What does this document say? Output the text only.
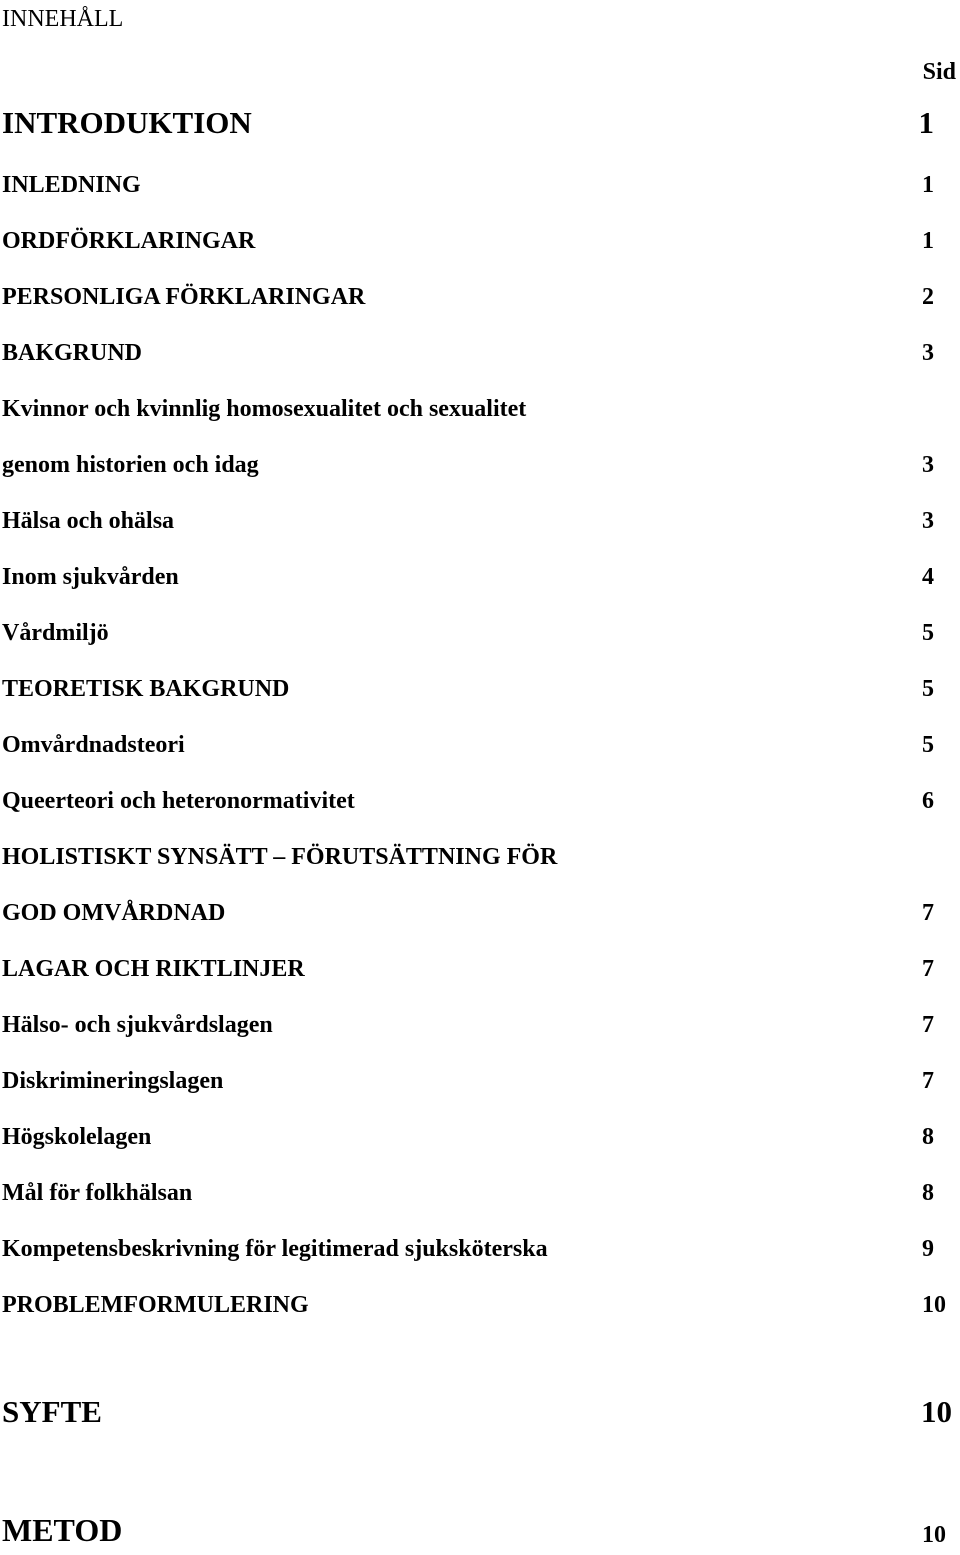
INNEHÅLL
Sid
INTRODUKTION	1
INLEDNING	1
ORDFÖRKLARINGAR	1
PERSONLIGA FÖRKLARINGAR	2
BAKGRUND	3
Kvinnor och kvinnlig homosexualitet och sexualitet
genom historien och idag	3
Hälsa och ohälsa	3
Inom sjukvården	4
Vårdmiljö	5
TEORETISK BAKGRUND	5
Omvårdnadsteori	5
Queerteori och heteronormativitet	6
HOLISTISKT SYNSÄTT – FÖRUTSÄTTNING FÖR
GOD OMVÅRDNAD	7
LAGAR OCH RIKTLINJER	7
Hälso- och sjukvårdslagen	7
Diskrimineringslagen	7
Högskolelagen	8
Mål för folkhälsan	8
Kompetensbeskrivning för legitimerad sjuksköterska	9
PROBLEMFORMULERING	10
SYFTE	10
METOD	10
